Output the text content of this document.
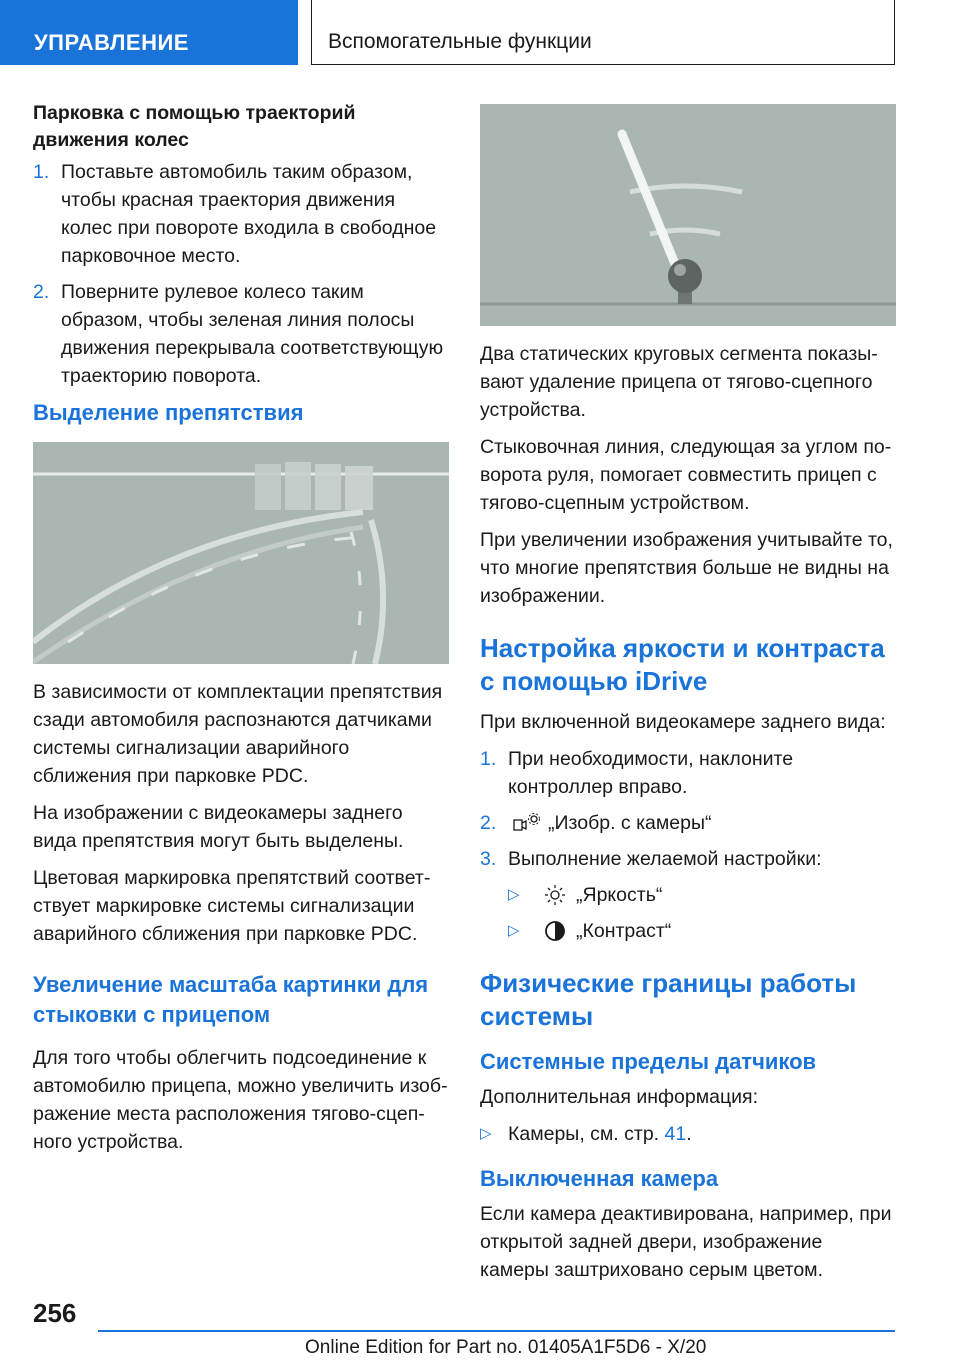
УПРАВЛЕНИЕ	Вспомогательные функции
Парковка с помощью траекторий движения колес
1. Поставьте автомобиль таким образом, чтобы красная траектория движения колес при повороте входила в свободное парковочное место.
2. Поверните рулевое колесо таким образом, чтобы зеленая линия полосы движения перекрывала соответствующую траекторию поворота.
Выделение препятствия

В зависимости от комплектации препятствия сзади автомобиля распознаются датчиками системы сигнализации аварийного сближения при парковке PDC.

На изображении с видеокамеры заднего вида препятствия могут быть выделены.

Цветовая маркировка препятствий соответствует маркировке системы сигнализации аварийного сближения при парковке PDC.

Увеличение масштаба картинки для стыковки с прицепом

Для того чтобы облегчить подсоединение к автомобилю прицепа, можно увеличить изображение места расположения тягово-сцепного устройства.

Два статических круговых сегмента показывают удаление прицепа от тягово-сцепного устройства.

Стыковочная линия, следующая за углом поворота руля, помогает совместить прицеп с тягово-сцепным устройством.

При увеличении изображения учитывайте то, что многие препятствия больше не видны на изображении.

Настройка яркости и контраста с помощью iDrive

При включенной видеокамере заднего вида:

1. При необходимости, наклоните контроллер вправо.
2.	„Изобр. с камеры“
3. Выполнение желаемой настройки:
▷	„Яркость“
▷	„Контраст“
Физические границы работы системы
Системные пределы датчиков

Дополнительная информация:

▷ Камеры, см. стр. 41.
Выключенная камера

Если камера деактивирована, например, при открытой задней двери, изображение камеры заштриховано серым цветом.

256
Online Edition for Part no. 01405A1F5D6 - X/20
